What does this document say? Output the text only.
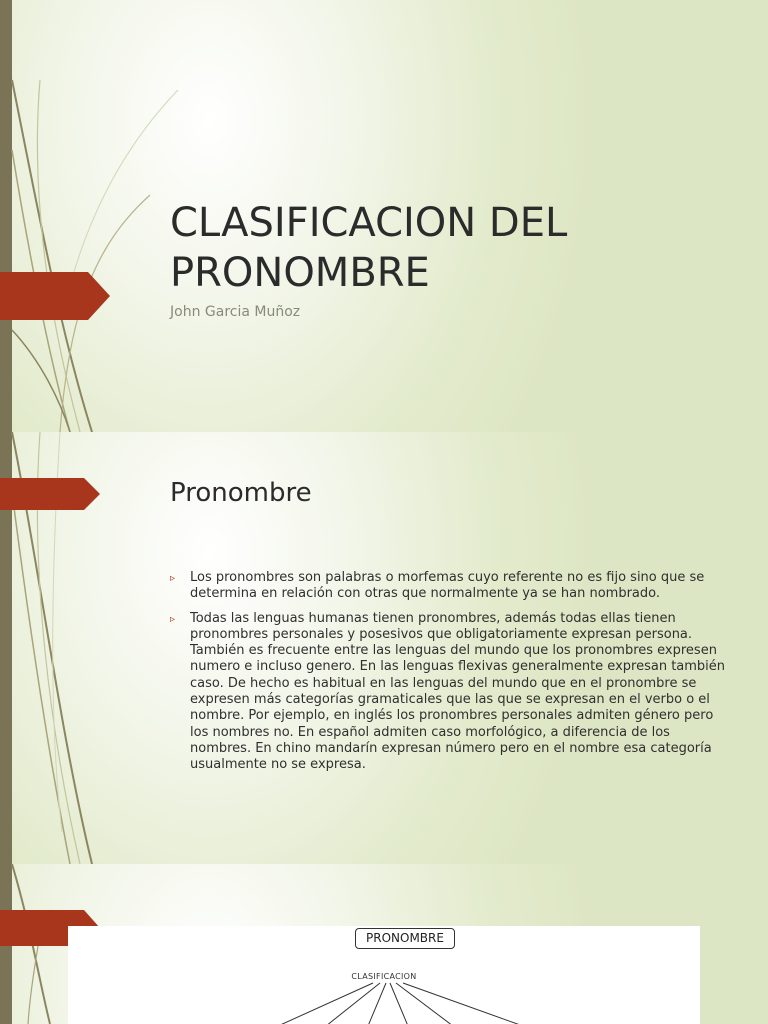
CLASIFICACION DEL PRONOMBRE
John Garcia Muñoz
Pronombre
▹ Los pronombres son palabras o morfemas cuyo referente no es fijo sino que se determina en relación con otras que normalmente ya se han nombrado.
▹ Todas las lenguas humanas tienen pronombres, además todas ellas tienen pronombres personales y posesivos que obligatoriamente expresan persona. También es frecuente entre las lenguas del mundo que los pronombres expresen numero e incluso genero. En las lenguas flexivas generalmente expresan también caso. De hecho es habitual en las lenguas del mundo que en el pronombre se expresen más categorías gramaticales que las que se expresan en el verbo o el nombre. Por ejemplo, en inglés los pronombres personales admiten género pero los nombres no. En español admiten caso morfológico, a diferencia de los nombres. En chino mandarín expresan número pero en el nombre esa categoría usualmente no se expresa.
PRONOMBRE
CLASIFICACION
